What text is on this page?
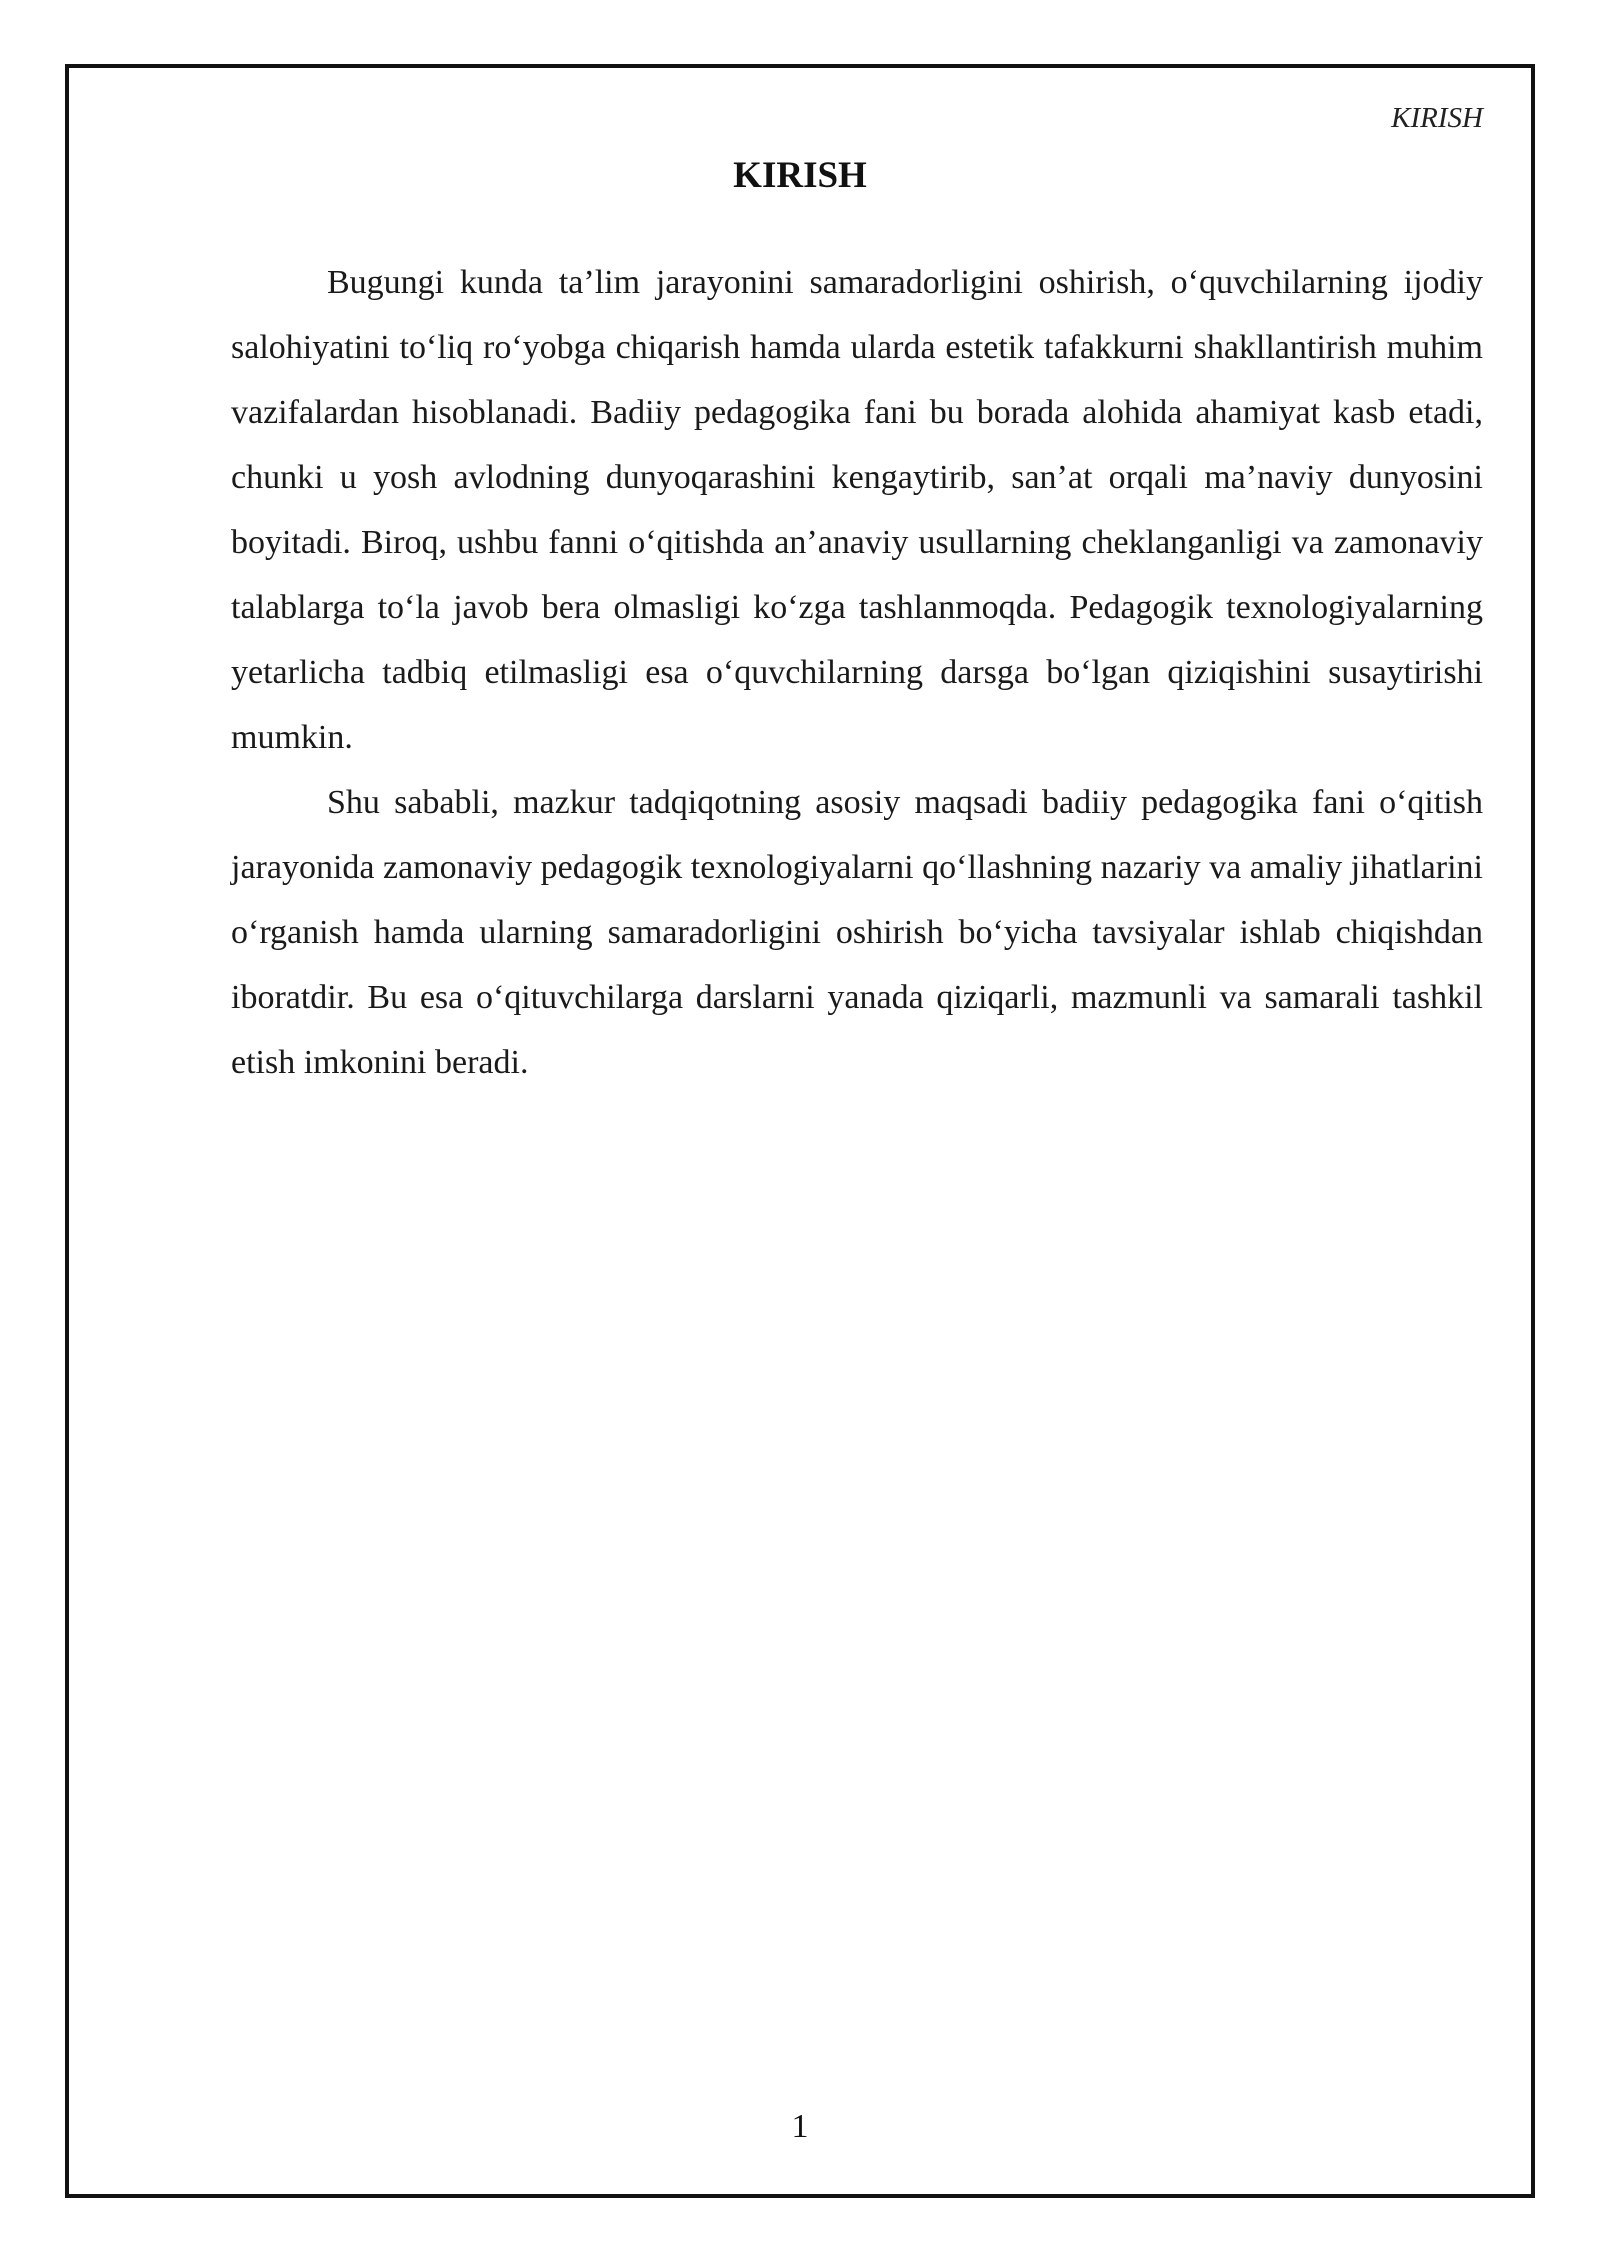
KIRISH
KIRISH

Bugungi kunda ta’lim jarayonini samaradorligini oshirish, o‘quvchilarning ijodiy salohiyatini to‘liq ro‘yobga chiqarish hamda ularda estetik tafakkurni shakllantirish muhim vazifalardan hisoblanadi. Badiiy pedagogika fani bu borada alohida ahamiyat kasb etadi, chunki u yosh avlodning dunyoqarashini kengaytirib, san’at orqali ma’naviy dunyosini boyitadi. Biroq, ushbu fanni o‘qitishda an’anaviy usullarning cheklanganligi va zamonaviy talablarga to‘la javob bera olmasligi ko‘zga tashlanmoqda. Pedagogik texnologiyalarning yetarlicha tadbiq etilmasligi esa o‘quvchilarning darsga bo‘lgan qiziqishini susaytirishi mumkin.

Shu sababli, mazkur tadqiqotning asosiy maqsadi badiiy pedagogika fani o‘qitish jarayonida zamonaviy pedagogik texnologiyalarni qo‘llashning nazariy va amaliy jihatlarini o‘rganish hamda ularning samaradorligini oshirish bo‘yicha tavsiyalar ishlab chiqishdan iboratdir. Bu esa o‘qituvchilarga darslarni yanada qiziqarli, mazmunli va samarali tashkil etish imkonini beradi.

1
